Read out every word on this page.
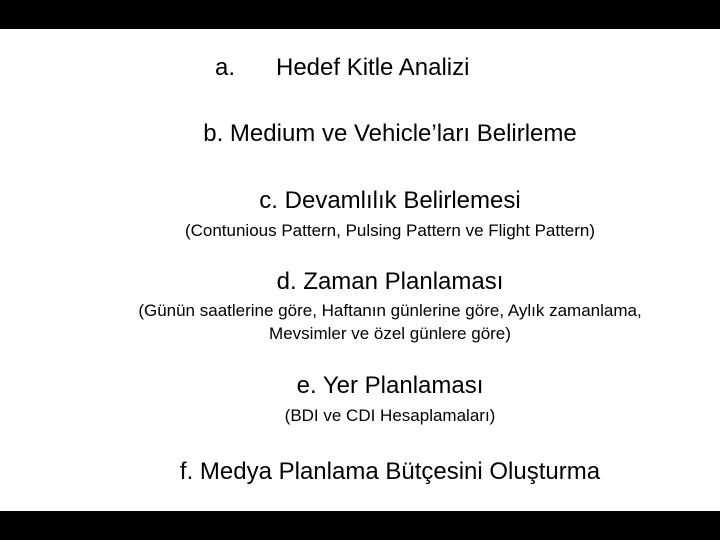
a. Hedef Kitle Analizi
b. Medium ve Vehicle’ları Belirleme
c. Devamlılık Belirlemesi
(Contunious Pattern, Pulsing Pattern ve Flight Pattern)
d. Zaman Planlaması
(Günün saatlerine göre, Haftanın günlerine göre, Aylık zamanlama,
Mevsimler ve özel günlere göre)
e. Yer Planlaması
(BDI ve CDI Hesaplamaları)
f. Medya Planlama Bütçesini Oluşturma
